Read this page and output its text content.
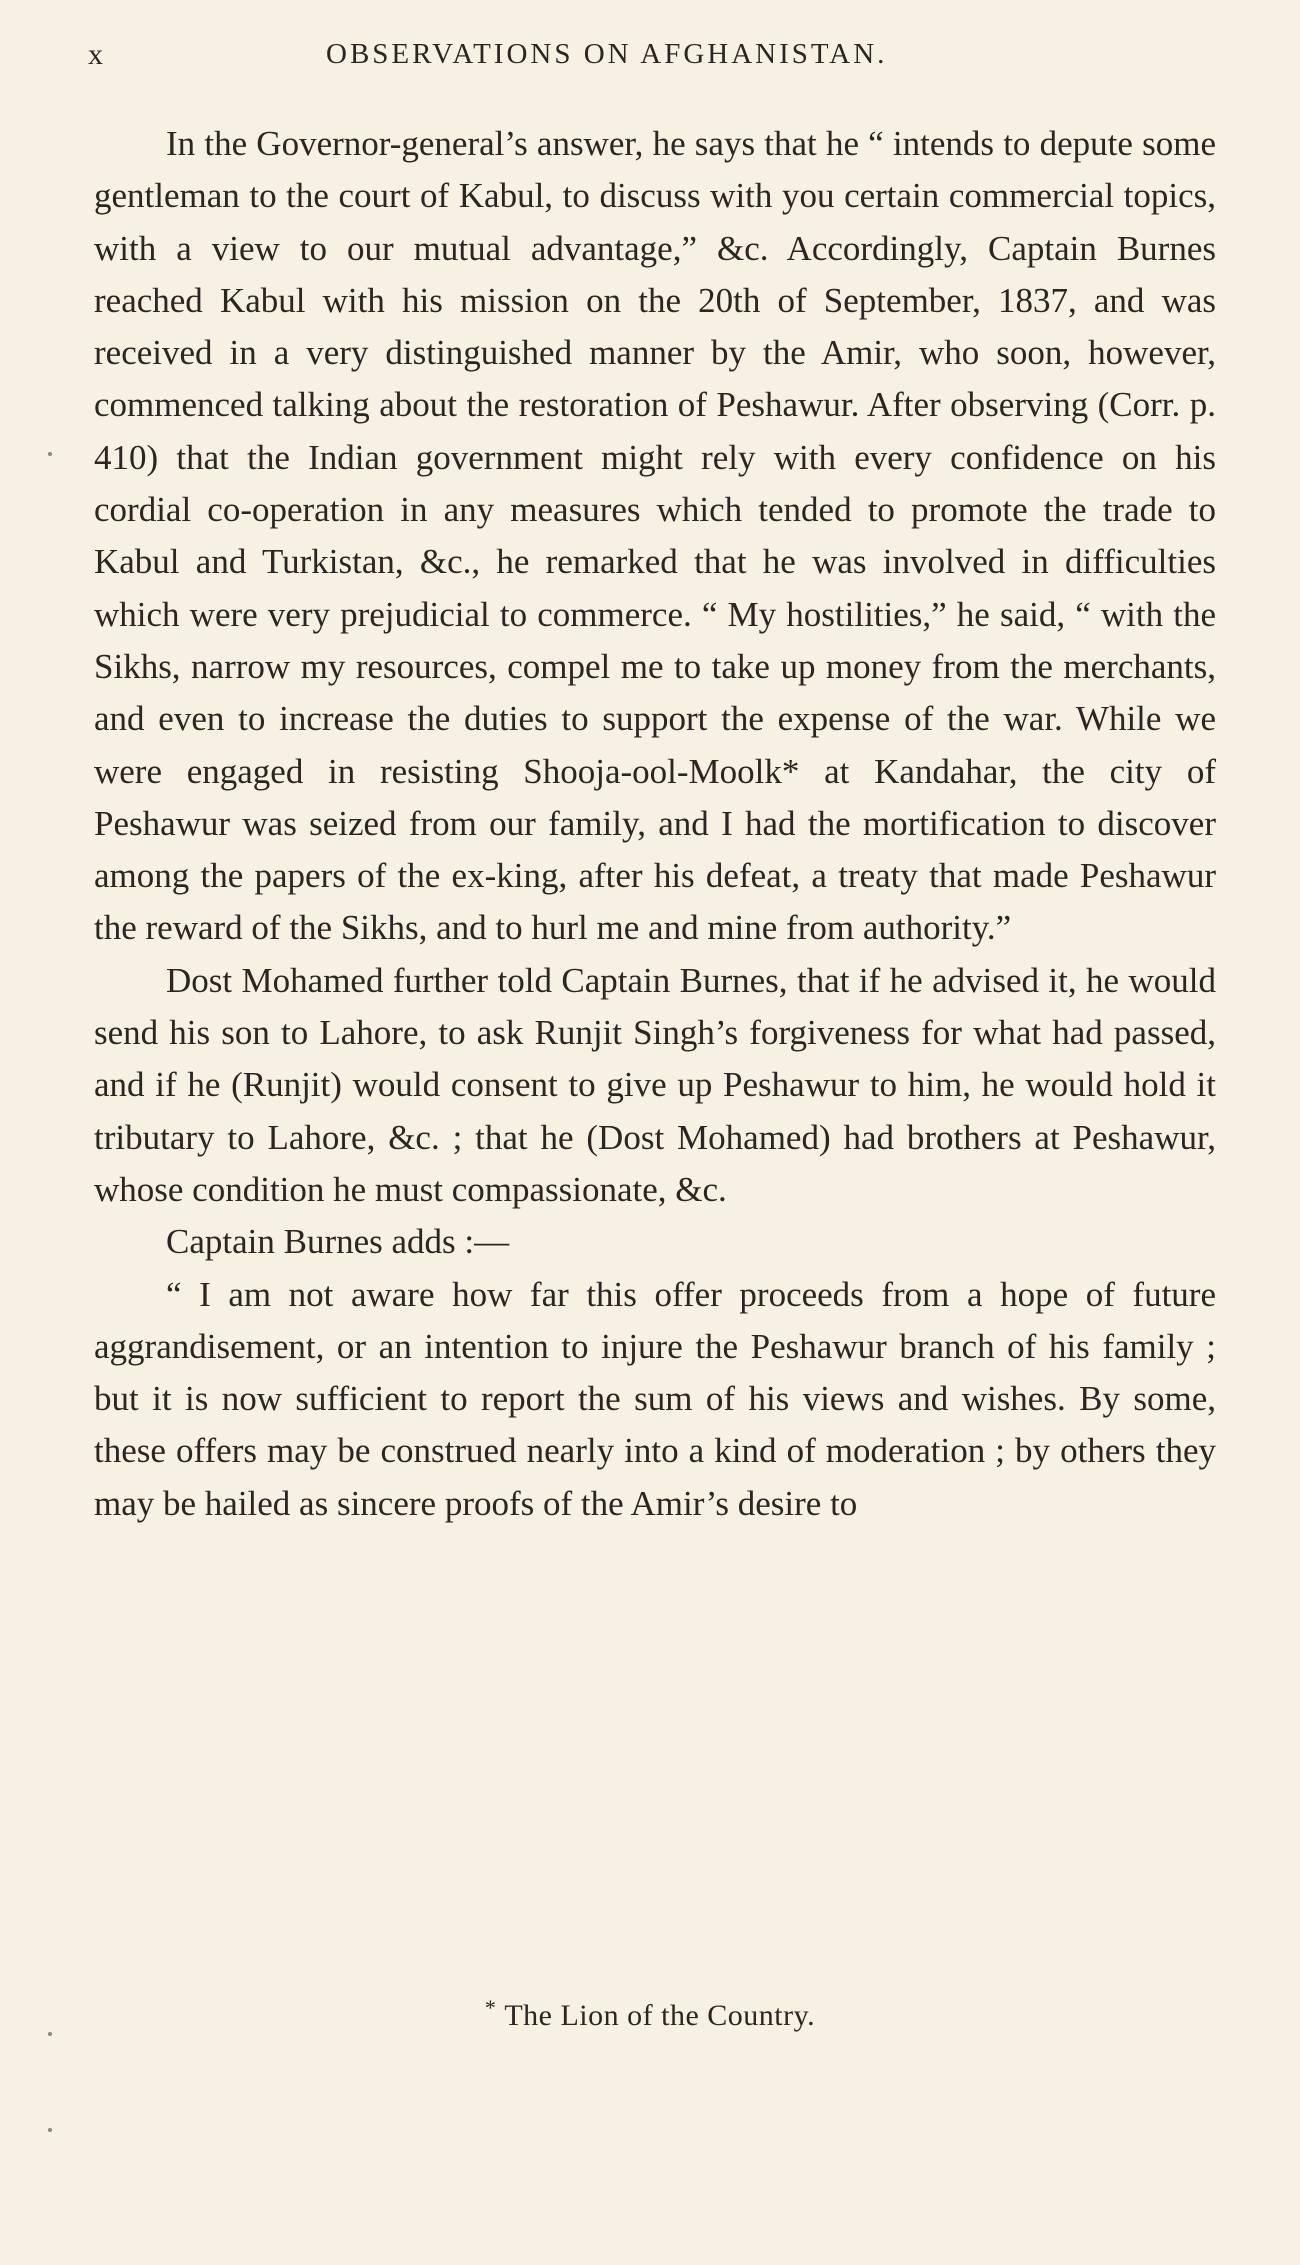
x	OBSERVATIONS ON AFGHANISTAN.

In the Governor-general’s answer, he says that he “ intends to depute some gentleman to the court of Kabul, to discuss with you certain commercial topics, with a view to our mutual advantage,” &c. Accordingly, Captain Burnes reached Kabul with his mission on the 20th of September, 1837, and was received in a very distinguished manner by the Amir, who soon, however, commenced talking about the restoration of Peshawur. After observing (Corr. p. 410) that the Indian government might rely with every confidence on his cordial co-operation in any measures which tended to promote the trade to Kabul and Turkistan, &c., he remarked that he was involved in difficulties which were very prejudicial to commerce. “ My hostilities,” he said, “ with the Sikhs, narrow my resources, compel me to take up money from the merchants, and even to increase the duties to support the expense of the war. While we were engaged in resisting Shooja-ool-Moolk* at Kandahar, the city of Peshawur was seized from our family, and I had the mortification to discover among the papers of the ex-king, after his defeat, a treaty that made Peshawur the reward of the Sikhs, and to hurl me and mine from authority.”

Dost Mohamed further told Captain Burnes, that if he advised it, he would send his son to Lahore, to ask Runjit Singh’s forgiveness for what had passed, and if he (Runjit) would consent to give up Peshawur to him, he would hold it tributary to Lahore, &c. ; that he (Dost Mohamed) had brothers at Peshawur, whose condition he must compassionate, &c.

Captain Burnes adds :—

“ I am not aware how far this offer proceeds from a hope of future aggrandisement, or an intention to injure the Peshawur branch of his family ; but it is now sufficient to report the sum of his views and wishes. By some, these offers may be construed nearly into a kind of moderation ; by others they may be hailed as sincere proofs of the Amir’s desire to

* The Lion of the Country.
